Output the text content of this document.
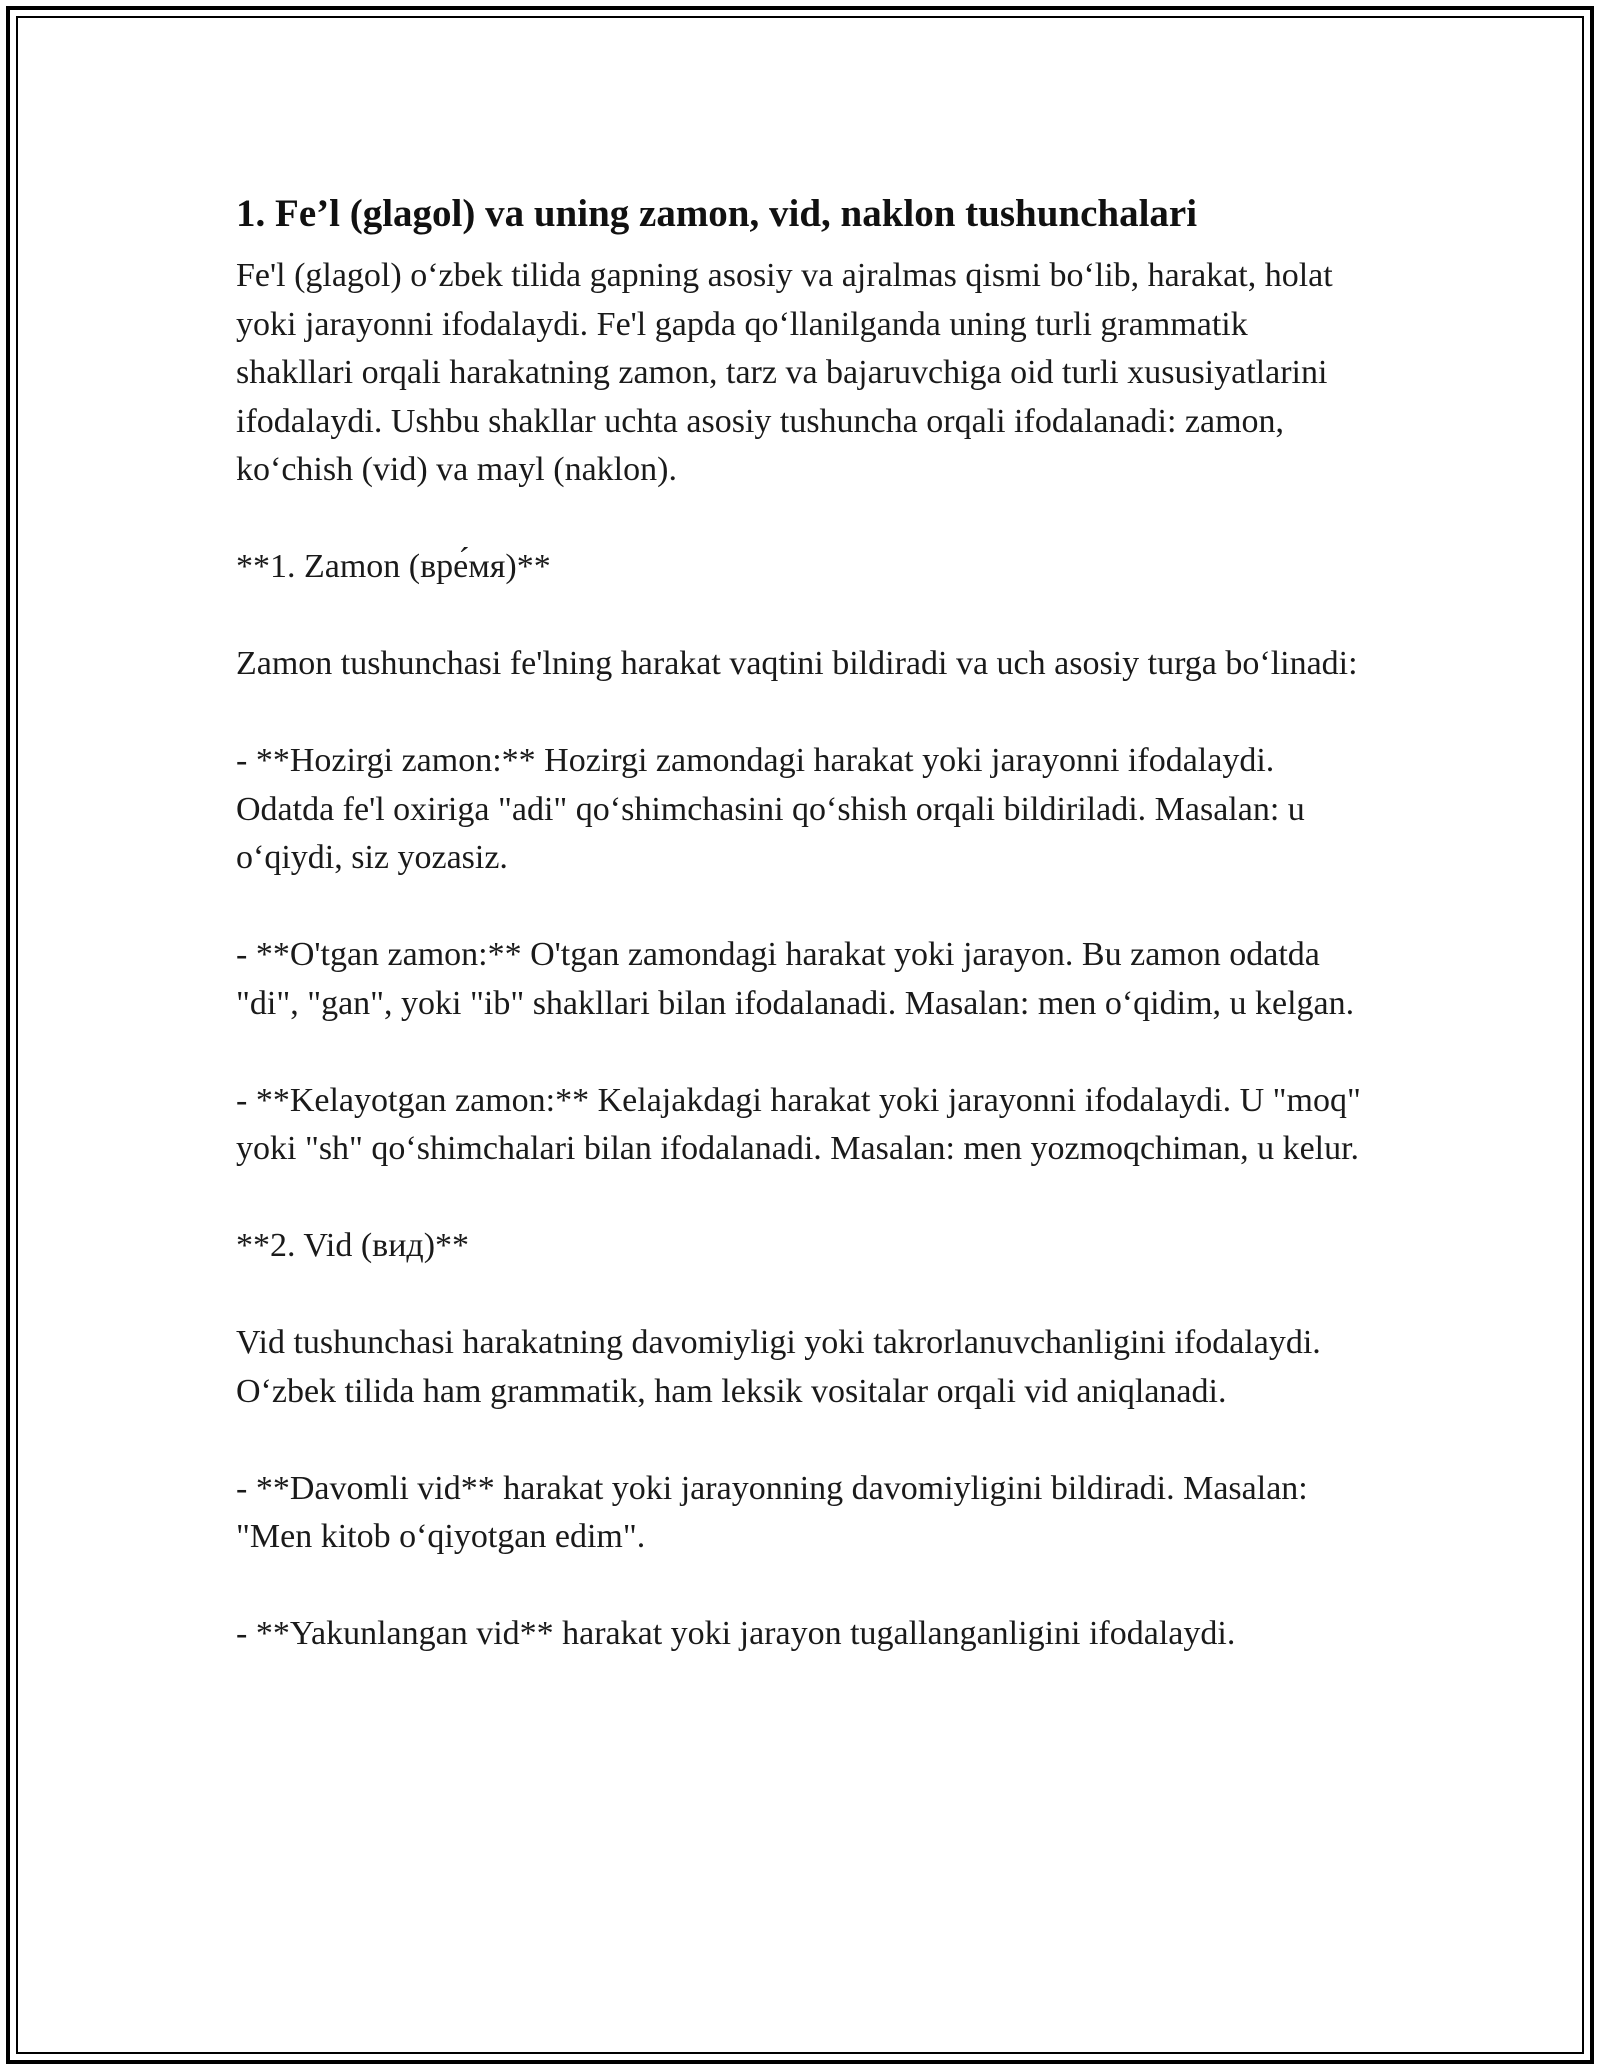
1. Fe’l (glagol) va uning zamon, vid, naklon tushunchalari

Fe'l (glagol) o‘zbek tilida gapning asosiy va ajralmas qismi bo‘lib, harakat, holat yoki jarayonni ifodalaydi. Fe'l gapda qo‘llanilganda uning turli grammatik shakllari orqali harakatning zamon, tarz va bajaruvchiga oid turli xususiyatlarini ifodalaydi. Ushbu shakllar uchta asosiy tushuncha orqali ifodalanadi: zamon, ko‘chish (vid) va mayl (naklon).

**1. Zamon (вре́мя)**

Zamon tushunchasi fe'lning harakat vaqtini bildiradi va uch asosiy turga bo‘linadi:

- **Hozirgi zamon:** Hozirgi zamondagi harakat yoki jarayonni ifodalaydi. Odatda fe'l oxiriga "adi" qo‘shimchasini qo‘shish orqali bildiriladi. Masalan: u o‘qiydi, siz yozasiz.

- **O'tgan zamon:** O'tgan zamondagi harakat yoki jarayon. Bu zamon odatda "di", "gan", yoki "ib" shakllari bilan ifodalanadi. Masalan: men o‘qidim, u kelgan.

- **Kelayotgan zamon:** Kelajakdagi harakat yoki jarayonni ifodalaydi. U "moq" yoki "sh" qo‘shimchalari bilan ifodalanadi. Masalan: men yozmoqchiman, u kelur.

**2. Vid (вид)**

Vid tushunchasi harakatning davomiyligi yoki takrorlanuvchanligini ifodalaydi. O‘zbek tilida ham grammatik, ham leksik vositalar orqali vid aniqlanadi.

- **Davomli vid** harakat yoki jarayonning davomiyligini bildiradi. Masalan: "Men kitob o‘qiyotgan edim".

- **Yakunlangan vid** harakat yoki jarayon tugallanganligini ifodalaydi.
